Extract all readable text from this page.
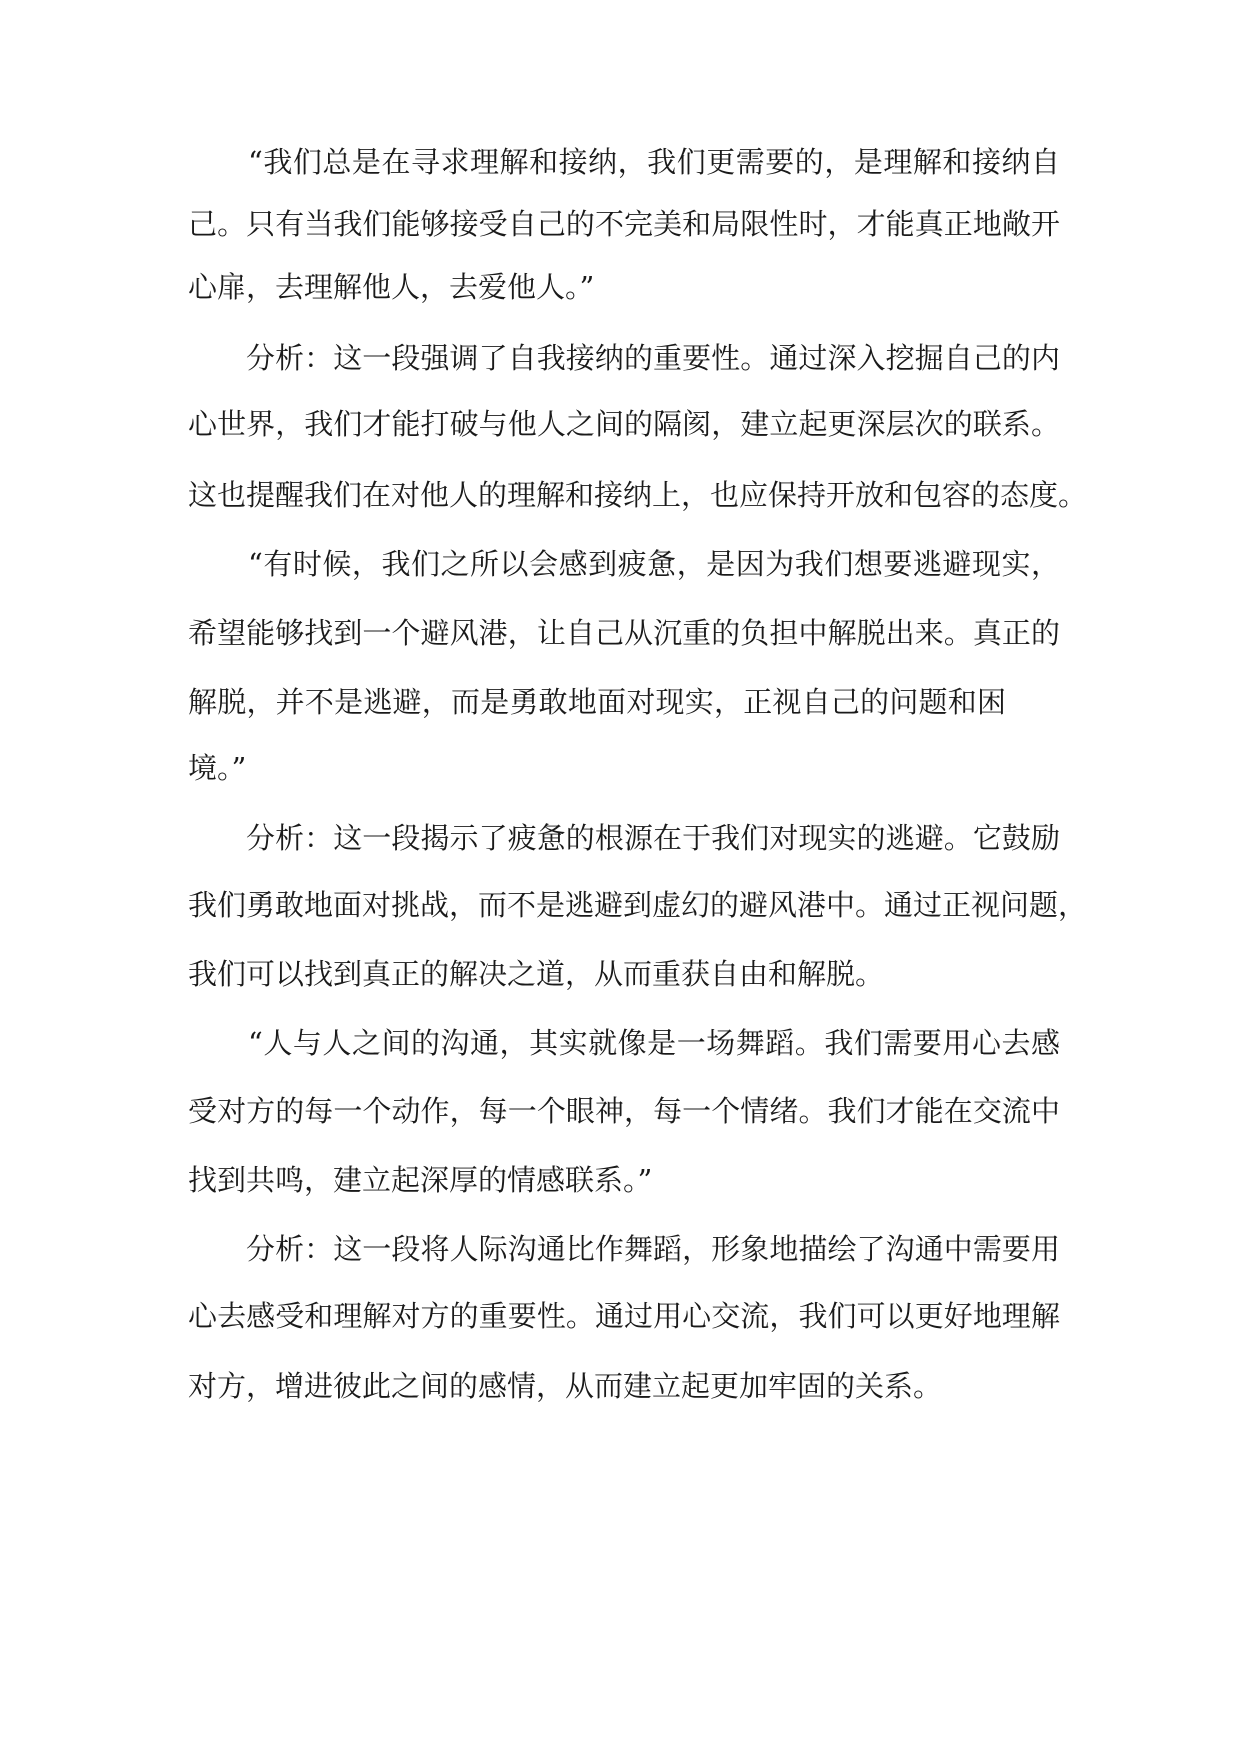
“我们总是在寻求理解和接纳，我们更需要的，是理解和接纳自
己。只有当我们能够接受自己的不完美和局限性时，才能真正地敞开
心扉，去理解他人，去爱他人。”
分析：这一段强调了自我接纳的重要性。通过深入挖掘自己的内
心世界，我们才能打破与他人之间的隔阂，建立起更深层次的联系。
这也提醒我们在对他人的理解和接纳上，也应保持开放和包容的态度。
“有时候，我们之所以会感到疲惫，是因为我们想要逃避现实，
希望能够找到一个避风港，让自己从沉重的负担中解脱出来。真正的
解脱，并不是逃避，而是勇敢地面对现实，正视自己的问题和困
境。”
分析：这一段揭示了疲惫的根源在于我们对现实的逃避。它鼓励
我们勇敢地面对挑战，而不是逃避到虚幻的避风港中。通过正视问题，
我们可以找到真正的解决之道，从而重获自由和解脱。
“人与人之间的沟通，其实就像是一场舞蹈。我们需要用心去感
受对方的每一个动作，每一个眼神，每一个情绪。我们才能在交流中
找到共鸣，建立起深厚的情感联系。”
分析：这一段将人际沟通比作舞蹈，形象地描绘了沟通中需要用
心去感受和理解对方的重要性。通过用心交流，我们可以更好地理解
对方，增进彼此之间的感情，从而建立起更加牢固的关系。
